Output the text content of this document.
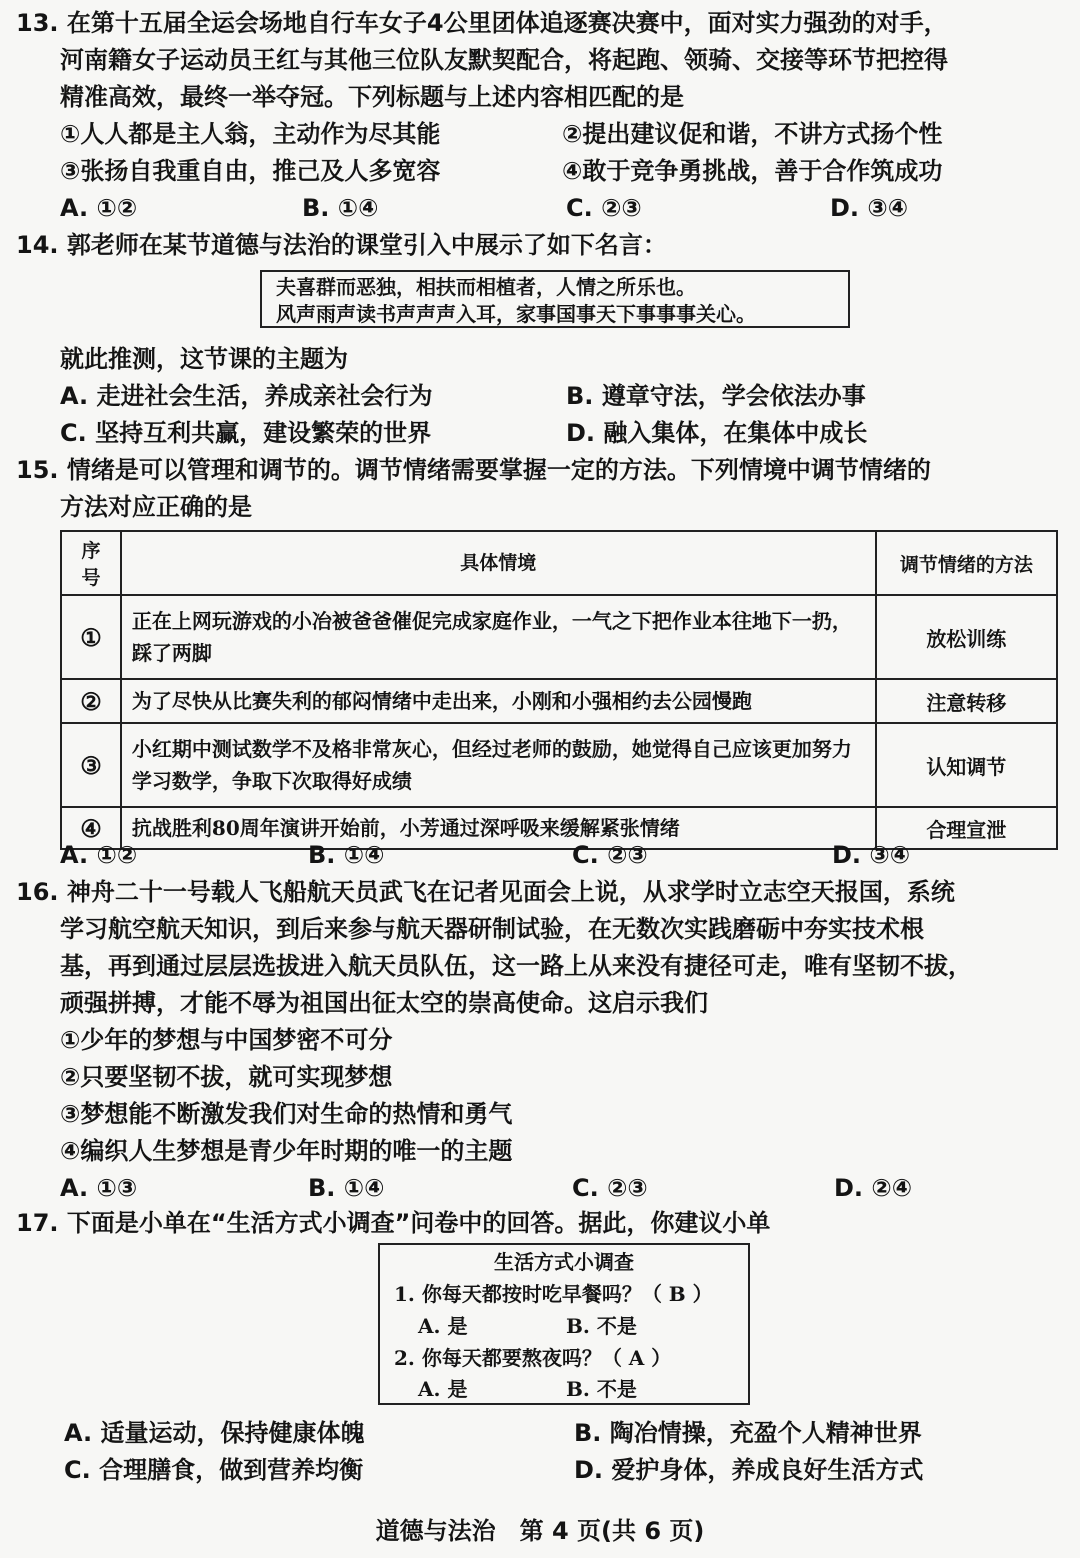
13. 在第十五届全运会场地自行车女子4公里团体追逐赛决赛中，面对实力强劲的对手，
河南籍女子运动员王红与其他三位队友默契配合，将起跑、领骑、交接等环节把控得
精准高效，最终一举夺冠。下列标题与上述内容相匹配的是
①人人都是主人翁，主动作为尽其能	②提出建议促和谐，不讲方式扬个性
③张扬自我重自由，推己及人多宽容	④敢于竞争勇挑战，善于合作筑成功
A. ①②	B. ①④	C. ②③	D. ③④
14. 郭老师在某节道德与法治的课堂引入中展示了如下名言：
夫喜群而恶独，相扶而相植者，人情之所乐也。
风声雨声读书声声声入耳，家事国事天下事事事关心。
就此推测，这节课的主题为
A. 走进社会生活，养成亲社会行为	B. 遵章守法，学会依法办事
C. 坚持互利共赢，建设繁荣的世界	D. 融入集体，在集体中成长
15. 情绪是可以管理和调节的。调节情绪需要掌握一定的方法。下列情境中调节情绪的
方法对应正确的是
序号	具体情境	调节情绪的方法
①	正在上网玩游戏的小冶被爸爸催促完成家庭作业，一气之下把作业本往地下一扔，踩了两脚	放松训练
②	为了尽快从比赛失利的郁闷情绪中走出来，小刚和小强相约去公园慢跑	注意转移
③	小红期中测试数学不及格非常灰心，但经过老师的鼓励，她觉得自己应该更加努力学习数学，争取下次取得好成绩	认知调节
④	抗战胜利80周年演讲开始前，小芳通过深呼吸来缓解紧张情绪	合理宣泄
A. ①②	B. ①④	C. ②③	D. ③④
16. 神舟二十一号载人飞船航天员武飞在记者见面会上说，从求学时立志空天报国，系统
学习航空航天知识，到后来参与航天器研制试验，在无数次实践磨砺中夯实技术根
基，再到通过层层选拔进入航天员队伍，这一路上从来没有捷径可走，唯有坚韧不拔，
顽强拼搏，才能不辱为祖国出征太空的崇高使命。这启示我们
①少年的梦想与中国梦密不可分
②只要坚韧不拔，就可实现梦想
③梦想能不断激发我们对生命的热情和勇气
④编织人生梦想是青少年时期的唯一的主题
A. ①③	B. ①④	C. ②③	D. ②④
17. 下面是小单在“生活方式小调查”问卷中的回答。据此，你建议小单
生活方式小调查
1. 你每天都按时吃早餐吗？（ B ）
A. 是	B. 不是
2. 你每天都要熬夜吗？（ A ）
A. 是	B. 不是
A. 适量运动，保持健康体魄	B. 陶冶情操，充盈个人精神世界
C. 合理膳食，做到营养均衡	D. 爱护身体，养成良好生活方式
道德与法治　第 4 页(共 6 页)
